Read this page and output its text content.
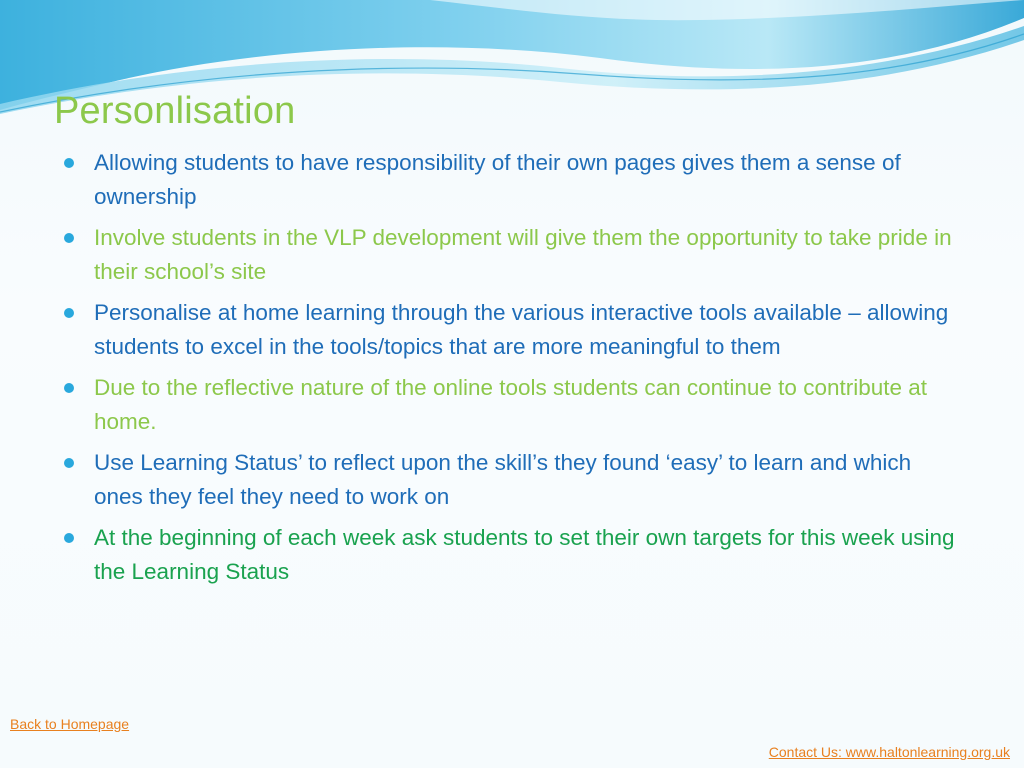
Personlisation
Allowing students to have responsibility of their own pages gives them a sense of ownership
Involve students in the VLP development will give them the opportunity to take pride in their school’s site
Personalise at home learning through the various interactive tools available – allowing students to excel in the tools/topics that are more meaningful to them
Due to the reflective nature of the online tools students can continue to contribute at home.
Use Learning Status’ to reflect upon the skill’s they found ‘easy’ to learn and which ones they feel they need to work on
At the beginning of each week ask students to set their own targets for this week using the Learning Status
Back to Homepage
Contact Us: www.haltonlearning.org.uk
